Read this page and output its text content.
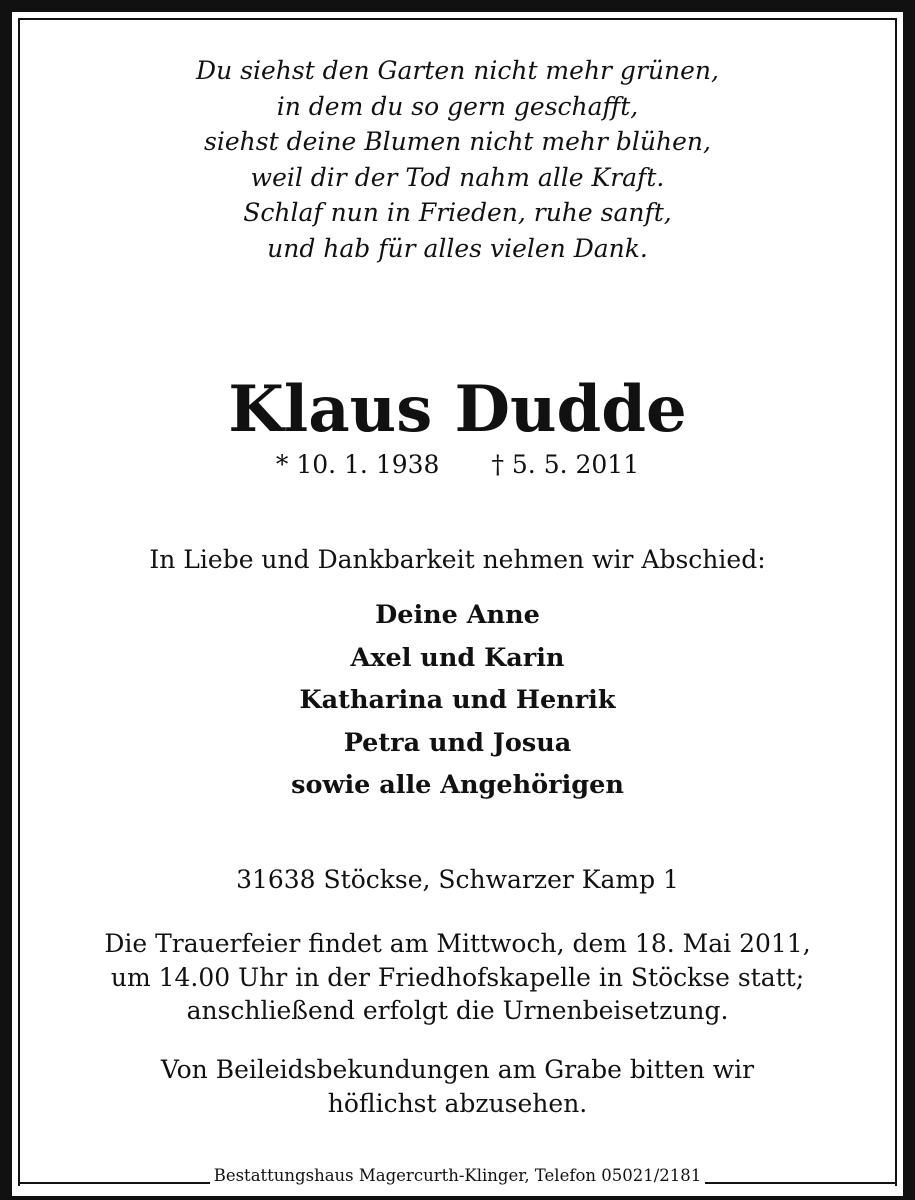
Du siehst den Garten nicht mehr grünen,
in dem du so gern geschafft,
siehst deine Blumen nicht mehr blühen,
weil dir der Tod nahm alle Kraft.
Schlaf nun in Frieden, ruhe sanft,
und hab für alles vielen Dank.
Klaus Dudde
* 10. 1. 1938 † 5. 5. 2011
In Liebe und Dankbarkeit nehmen wir Abschied:
Deine Anne
Axel und Karin
Katharina und Henrik
Petra und Josua
sowie alle Angehörigen
31638 Stöckse, Schwarzer Kamp 1
Die Trauerfeier findet am Mittwoch, dem 18. Mai 2011,
um 14.00 Uhr in der Friedhofskapelle in Stöckse statt;
anschließend erfolgt die Urnenbeisetzung.
Von Beileidsbekundungen am Grabe bitten wir
höflichst abzusehen.
Bestattungshaus Magercurth-Klinger, Telefon 05021/2181
